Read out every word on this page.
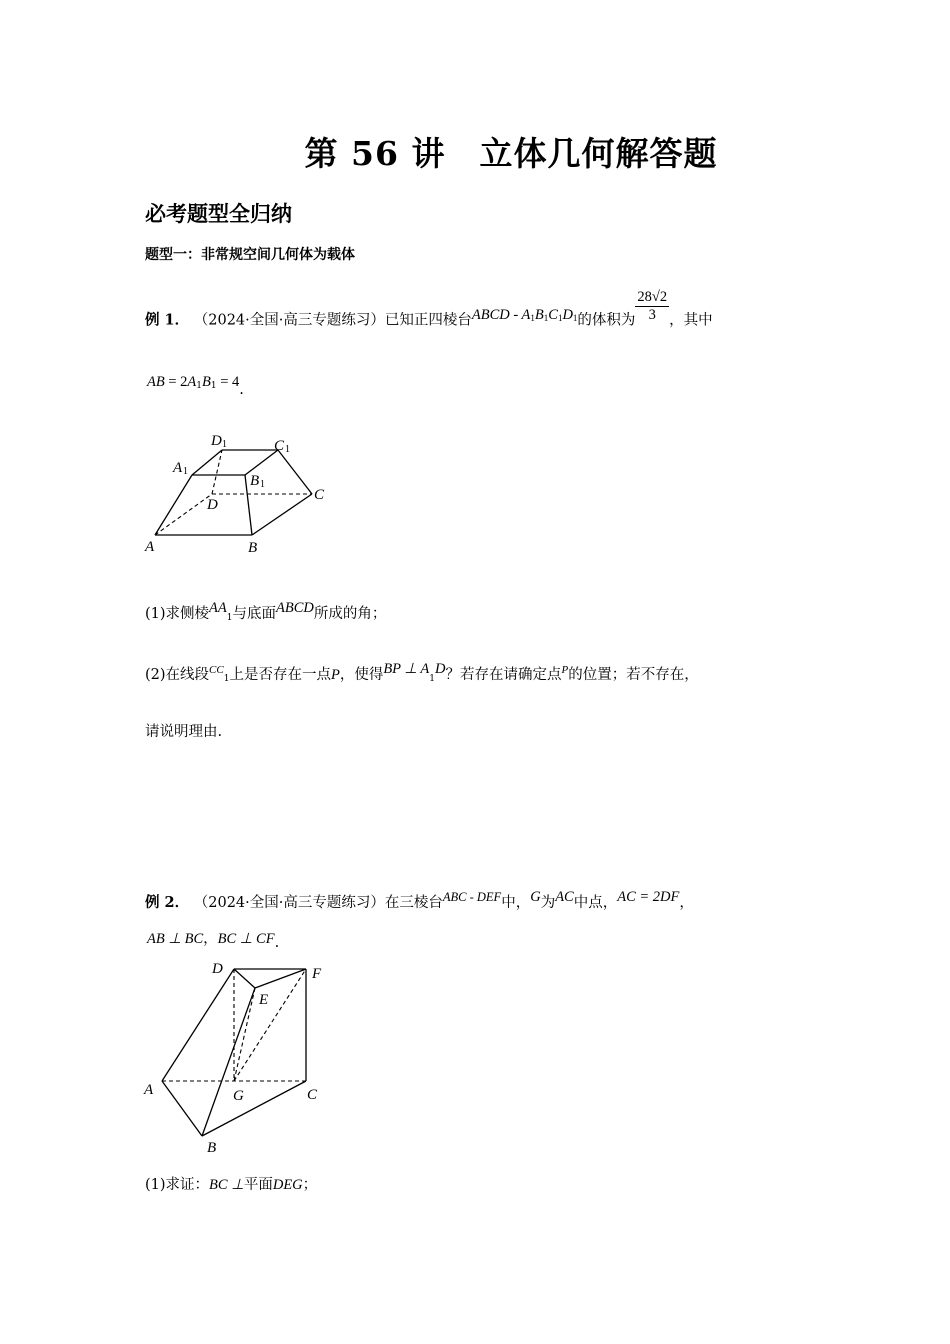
第 56 讲　立体几何解答题
必考题型全归纳
题型一：非常规空间几何体为载体
例 1． （2024·全国·高三专题练习）已知正四棱台ABCD - $A_1B_1C_1D_1$的体积为 $\frac{28√2}{3}$ ，其中
AB = $2A_1B_1 = 4$.
A	B
C
D
A 1
B 1
C 1
D 1
(1)求侧棱$AA_1$与底面ABCD所成的角；
(2)在线段$^{CC}_1$上是否存在一点P，使得BP ⊥ $A_1D$？若存在请确定点$^P$的位置；若不存在，
请说明理由.
例 2． （2024·全国·高三专题练习）在三棱台ABC - DEF中，G为AC中点，AC = 2DF，
AB ⊥ BC，BC ⊥ CF.
A
B
C
D
E
F
G
(1)求证：BC ⊥平面DEG；
